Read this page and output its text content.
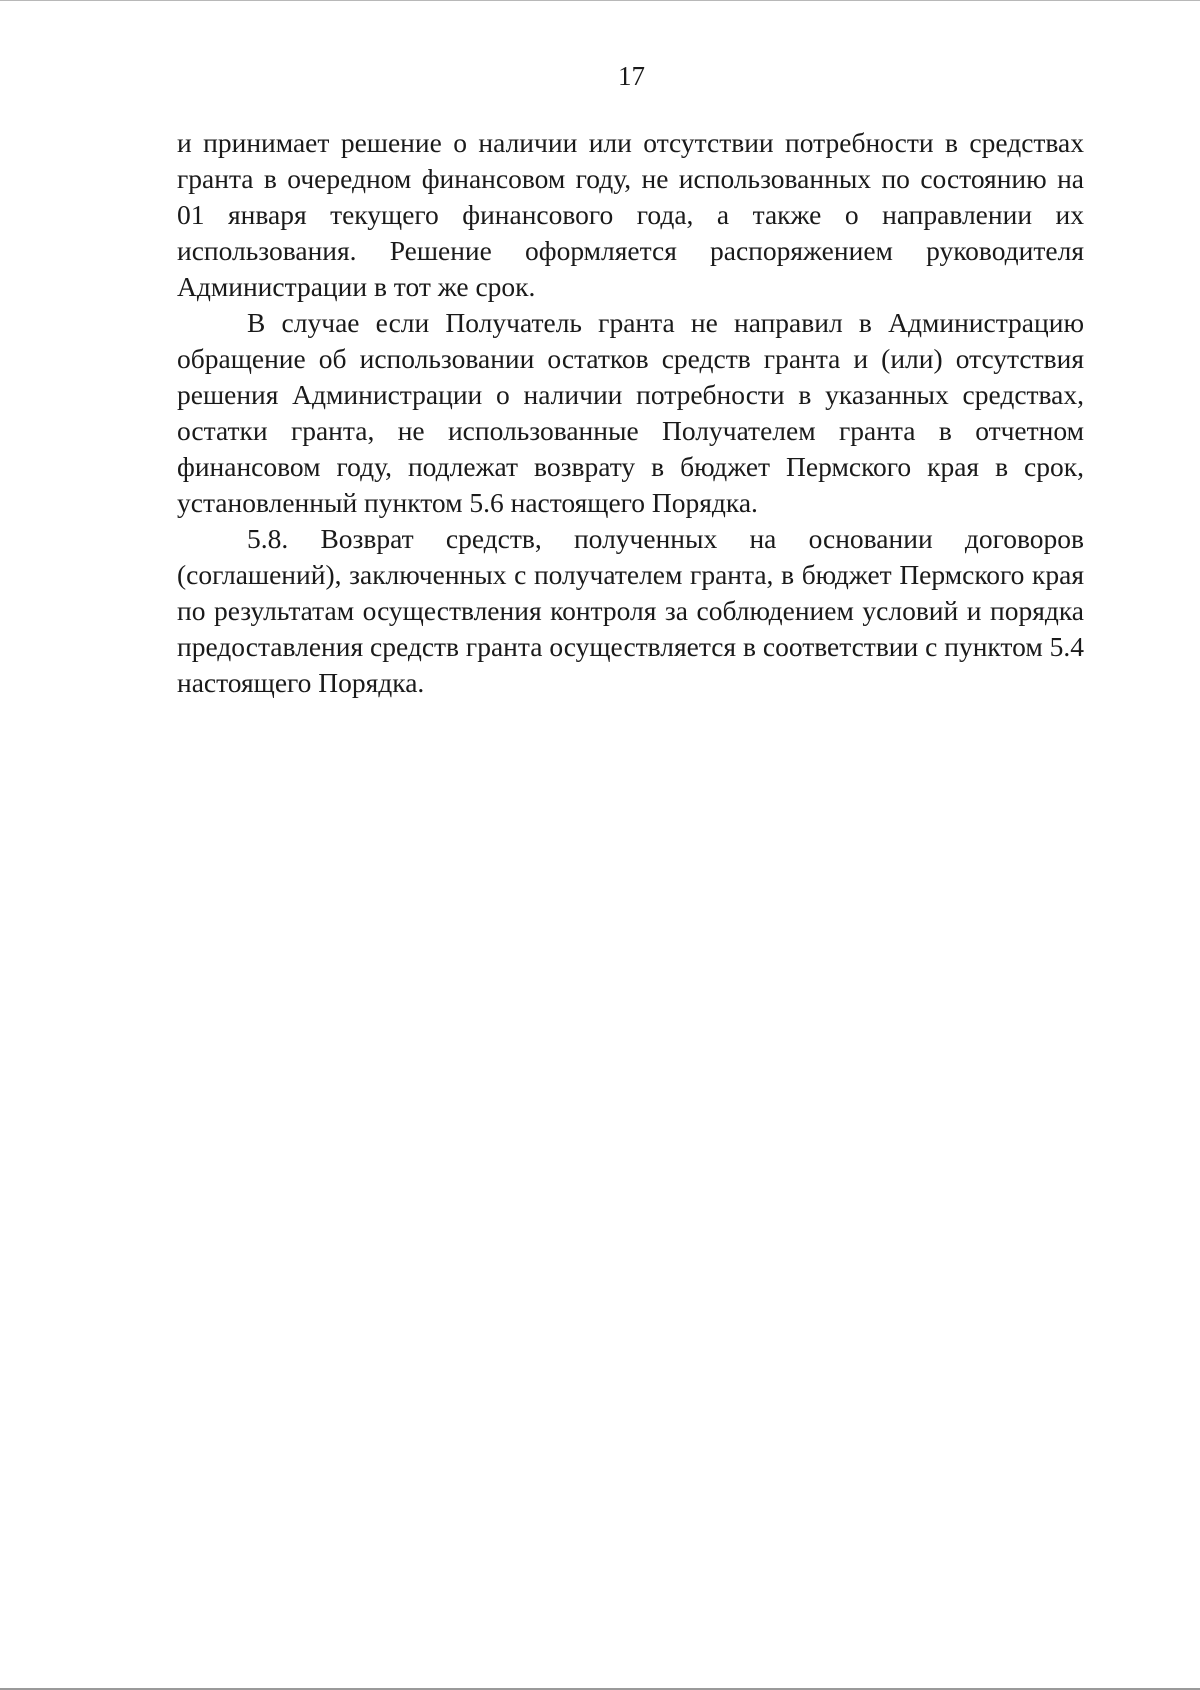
17

и принимает решение о наличии или отсутствии потребности в средствах гранта в очередном финансовом году, не использованных по состоянию на 01 января текущего финансового года, а также о направлении их использования. Решение оформляется распоряжением руководителя Администрации в тот же срок.

В случае если Получатель гранта не направил в Администрацию обращение об использовании остатков средств гранта и (или) отсутствия решения Администрации о наличии потребности в указанных средствах, остатки гранта, не использованные Получателем гранта в отчетном финансовом году, подлежат возврату в бюджет Пермского края в срок, установленный пунктом 5.6 настоящего Порядка.

5.8. Возврат средств, полученных на основании договоров (соглашений), заключенных с получателем гранта, в бюджет Пермского края по результатам осуществления контроля за соблюдением условий и порядка предоставления средств гранта осуществляется в соответствии с пунктом 5.4 настоящего Порядка.
